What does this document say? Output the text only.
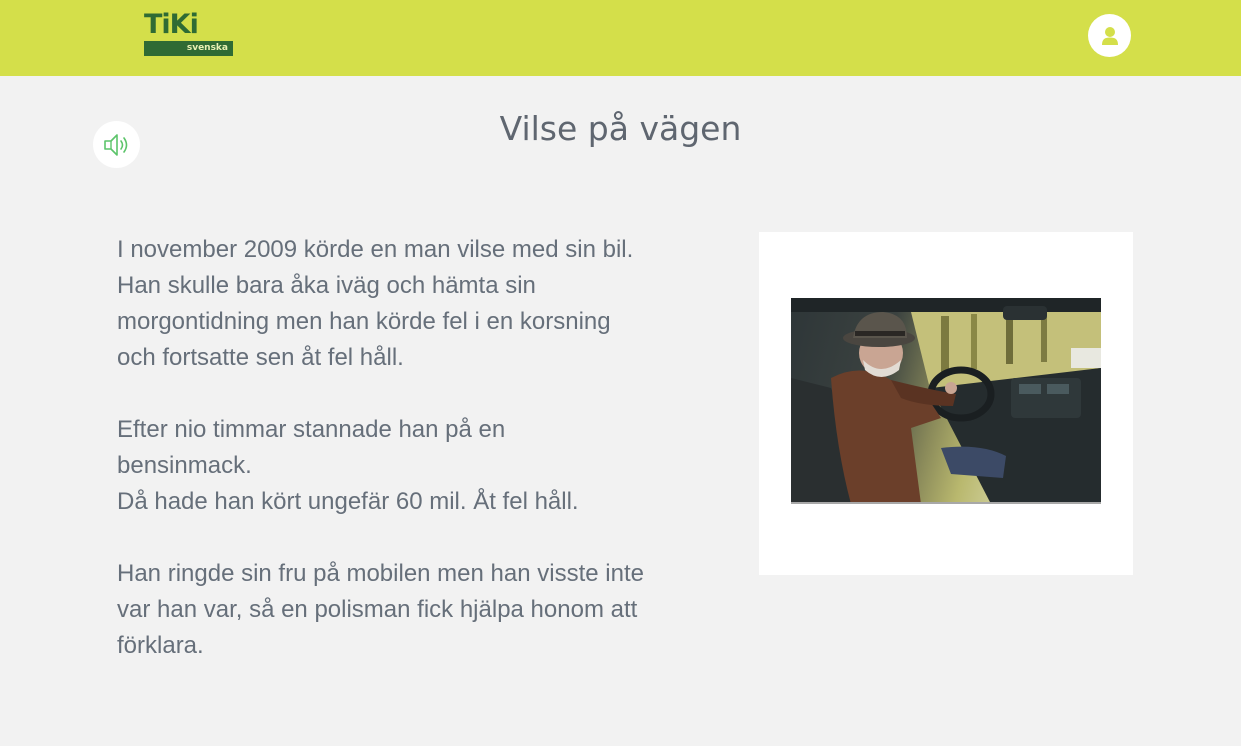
TiKi
svenska
Vilse på vägen

I november 2009 körde en man vilse med sin bil.
Han skulle bara åka iväg och hämta sin
morgontidning men han körde fel i en korsning
och fortsatte sen åt fel håll.

Efter nio timmar stannade han på en
bensinmack.
Då hade han kört ungefär 60 mil. Åt fel håll.

Han ringde sin fru på mobilen men han visste inte
var han var, så en polisman fick hjälpa honom att
förklara.
